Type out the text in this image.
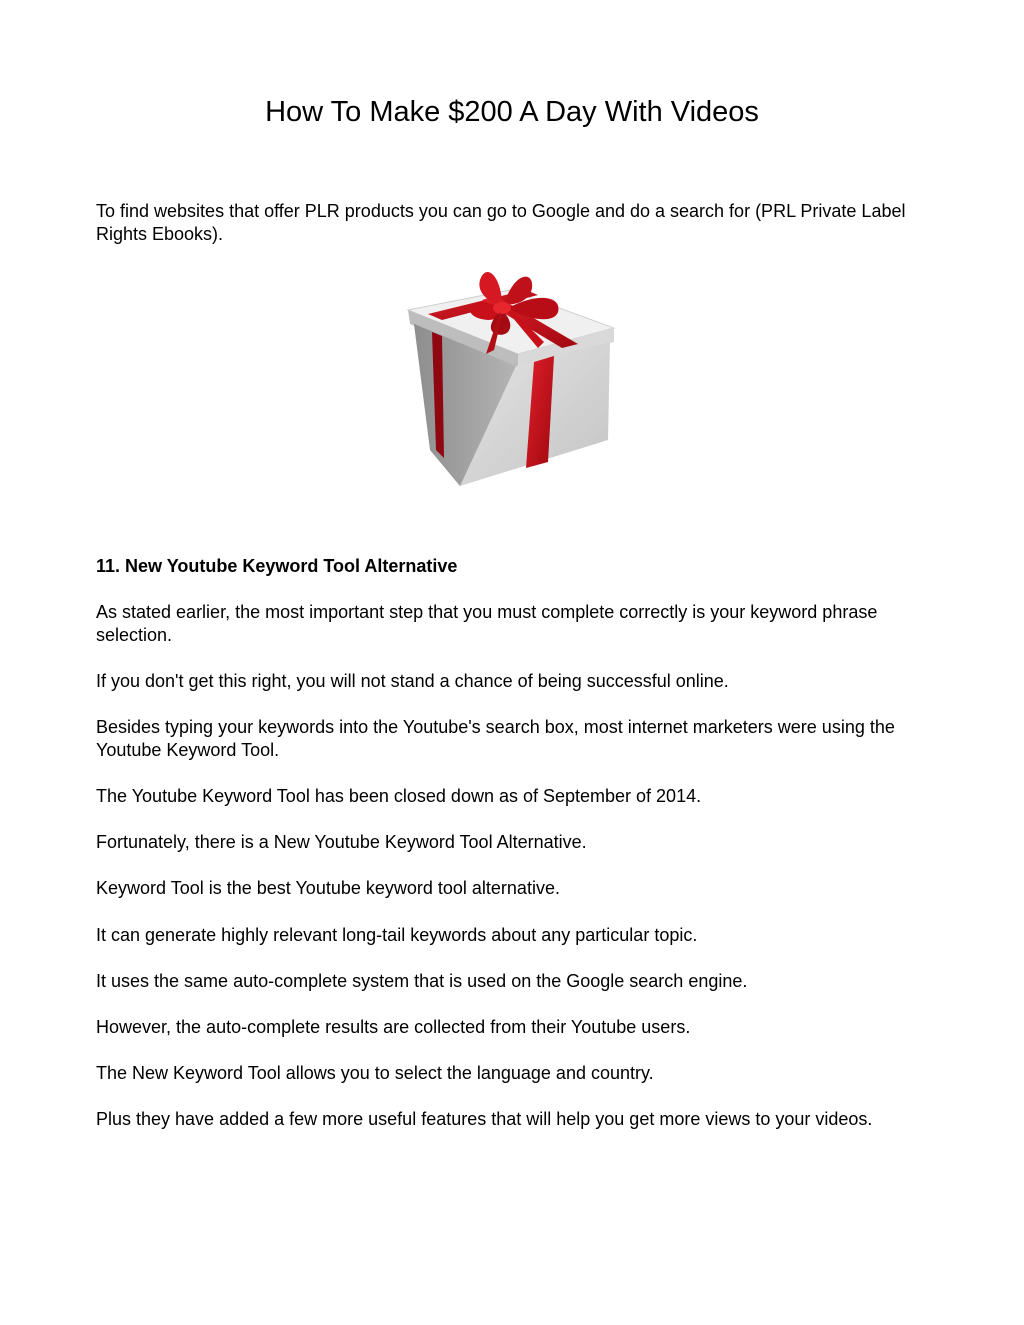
How To Make $200 A Day With Videos

To find websites that offer PLR products you can go to Google and do a search for (PRL Private Label Rights Ebooks).

11. New Youtube Keyword Tool Alternative

As stated earlier, the most important step that you must complete correctly is your keyword phrase selection.

If you don't get this right, you will not stand a chance of being successful online.

Besides typing your keywords into the Youtube's search box, most internet marketers were using the Youtube Keyword Tool.

The Youtube Keyword Tool has been closed down as of September of 2014.

Fortunately, there is a New Youtube Keyword Tool Alternative.

Keyword Tool is the best Youtube keyword tool alternative.

It can generate highly relevant long-tail keywords about any particular topic.

It uses the same auto-complete system that is used on the Google search engine.

However, the auto-complete results are collected from their Youtube users.

The New Keyword Tool allows you to select the language and country.

Plus they have added a few more useful features that will help you get more views to your videos.
